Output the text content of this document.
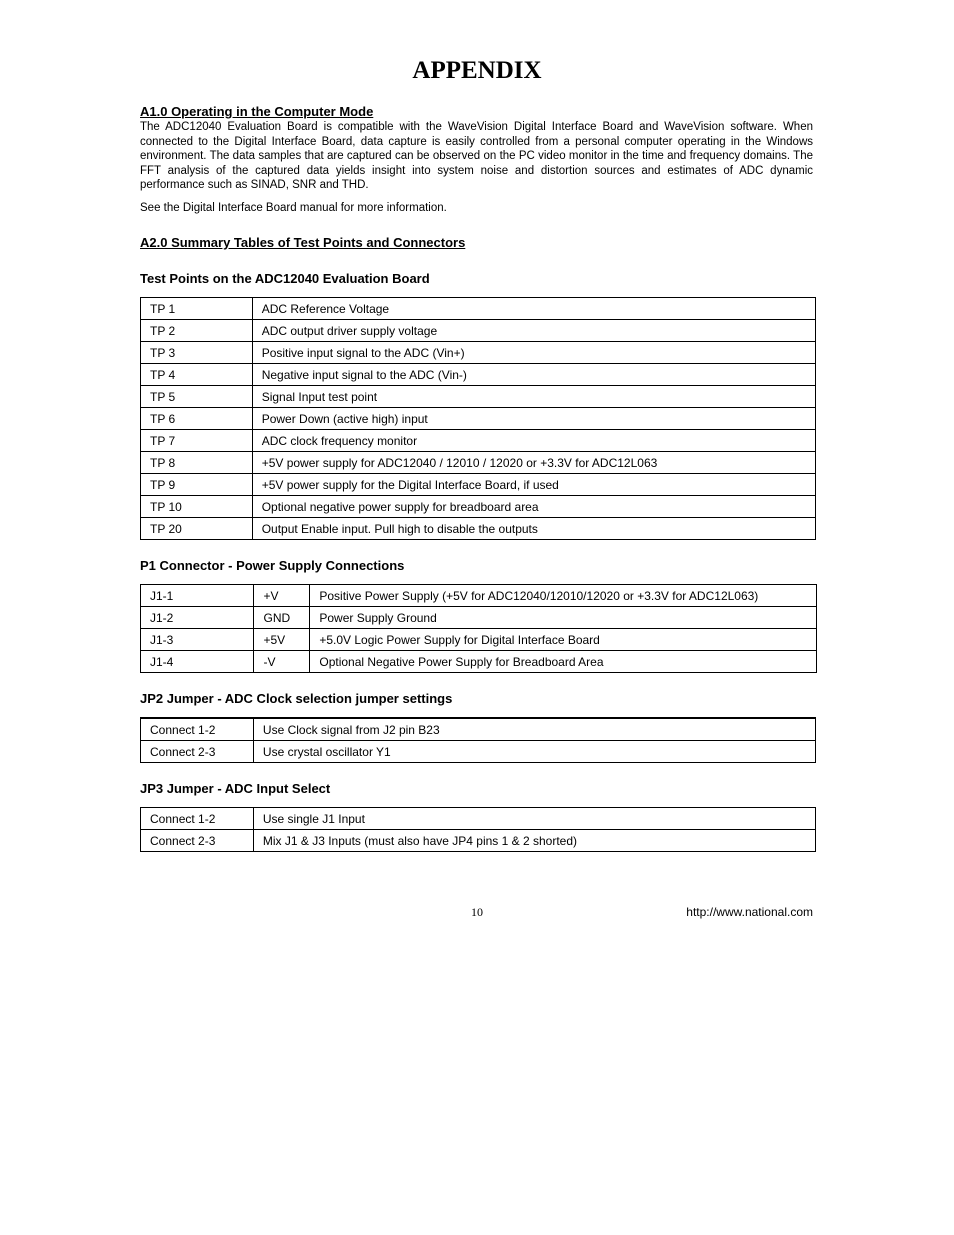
APPENDIX
A1.0 Operating in the Computer Mode
The ADC12040 Evaluation Board is compatible with the WaveVision Digital Interface Board and WaveVision software. When connected to the Digital Interface Board, data capture is easily controlled from a personal computer operating in the Windows environment. The data samples that are captured can be observed on the PC video monitor in the time and frequency domains. The FFT analysis of the captured data yields insight into system noise and distortion sources and estimates of ADC dynamic performance such as SINAD, SNR and THD.
See the Digital Interface Board manual for more information.
A2.0 Summary Tables of Test Points and Connectors
Test Points on the ADC12040 Evaluation Board
TP 1	ADC Reference Voltage
TP 2	ADC output driver supply voltage
TP 3	Positive input signal to the ADC (Vin+)
TP 4	Negative input signal to the ADC (Vin-)
TP 5	Signal Input test point
TP 6	Power Down (active high) input
TP 7	ADC clock frequency monitor
TP 8	+5V power supply for ADC12040 / 12010 / 12020 or +3.3V for ADC12L063
TP 9	+5V power supply for the Digital Interface Board, if used
TP 10	Optional negative power supply for breadboard area
TP 20	Output Enable input. Pull high to disable the outputs
P1 Connector - Power Supply Connections
J1-1	+V	Positive Power Supply (+5V for ADC12040/12010/12020 or +3.3V for ADC12L063)
J1-2	GND	Power Supply Ground
J1-3	+5V	+5.0V Logic Power Supply for Digital Interface Board
J1-4	-V	Optional Negative Power Supply for Breadboard Area
JP2 Jumper - ADC Clock selection jumper settings
Connect 1-2	Use Clock signal from J2 pin B23
Connect 2-3	Use crystal oscillator Y1
JP3 Jumper - ADC Input Select
Connect 1-2	Use single J1 Input
Connect 2-3	Mix J1 & J3 Inputs (must also have JP4 pins 1 & 2 shorted)
10	http://www.national.com
